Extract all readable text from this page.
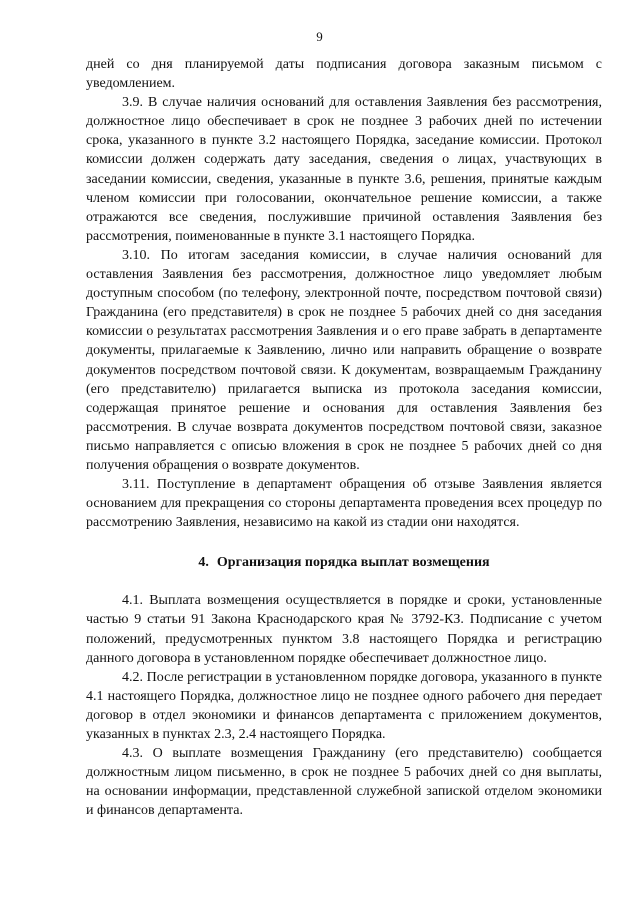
9

дней со дня планируемой даты подписания договора заказным письмом с уведомлением.

3.9. В случае наличия оснований для оставления Заявления без рассмотрения, должностное лицо обеспечивает в срок не позднее 3 рабочих дней по истечении срока, указанного в пункте 3.2 настоящего Порядка, заседание комиссии. Протокол комиссии должен содержать дату заседания, сведения о лицах, участвующих в заседании комиссии, сведения, указанные в пункте 3.6, решения, принятые каждым членом комиссии при голосовании, окончательное решение комиссии, а также отражаются все сведения, послужившие причиной оставления Заявления без рассмотрения, поименованные в пункте 3.1 настоящего Порядка.

3.10. По итогам заседания комиссии, в случае наличия оснований для оставления Заявления без рассмотрения, должностное лицо уведомляет любым доступным способом (по телефону, электронной почте, посредством почтовой связи) Гражданина (его представителя) в срок не позднее 5 рабочих дней со дня заседания комиссии о результатах рассмотрения Заявления и о его праве забрать в департаменте документы, прилагаемые к Заявлению, лично или направить обращение о возврате документов посредством почтовой связи. К документам, возвращаемым Гражданину (его представителю) прилагается выписка из протокола заседания комиссии, содержащая принятое решение и основания для оставления Заявления без рассмотрения. В случае возврата документов посредством почтовой связи, заказное письмо направляется с описью вложения в срок не позднее 5 рабочих дней со дня получения обращения о возврате документов.

3.11. Поступление в департамент обращения об отзыве Заявления является основанием для прекращения со стороны департамента проведения всех процедур по рассмотрению Заявления, независимо на какой из стадии они находятся.

4. Организация порядка выплат возмещения

4.1. Выплата возмещения осуществляется в порядке и сроки, установленные частью 9 статьи 91 Закона Краснодарского края № 3792-КЗ. Подписание с учетом положений, предусмотренных пунктом 3.8 настоящего Порядка и регистрацию данного договора в установленном порядке обеспечивает должностное лицо.

4.2. После регистрации в установленном порядке договора, указанного в пункте 4.1 настоящего Порядка, должностное лицо не позднее одного рабочего дня передает договор в отдел экономики и финансов департамента с приложением документов, указанных в пунктах 2.3, 2.4 настоящего Порядка.

4.3. О выплате возмещения Гражданину (его представителю) сообщается должностным лицом письменно, в срок не позднее 5 рабочих дней со дня выплаты, на основании информации, представленной служебной запиской отделом экономики и финансов департамента.
